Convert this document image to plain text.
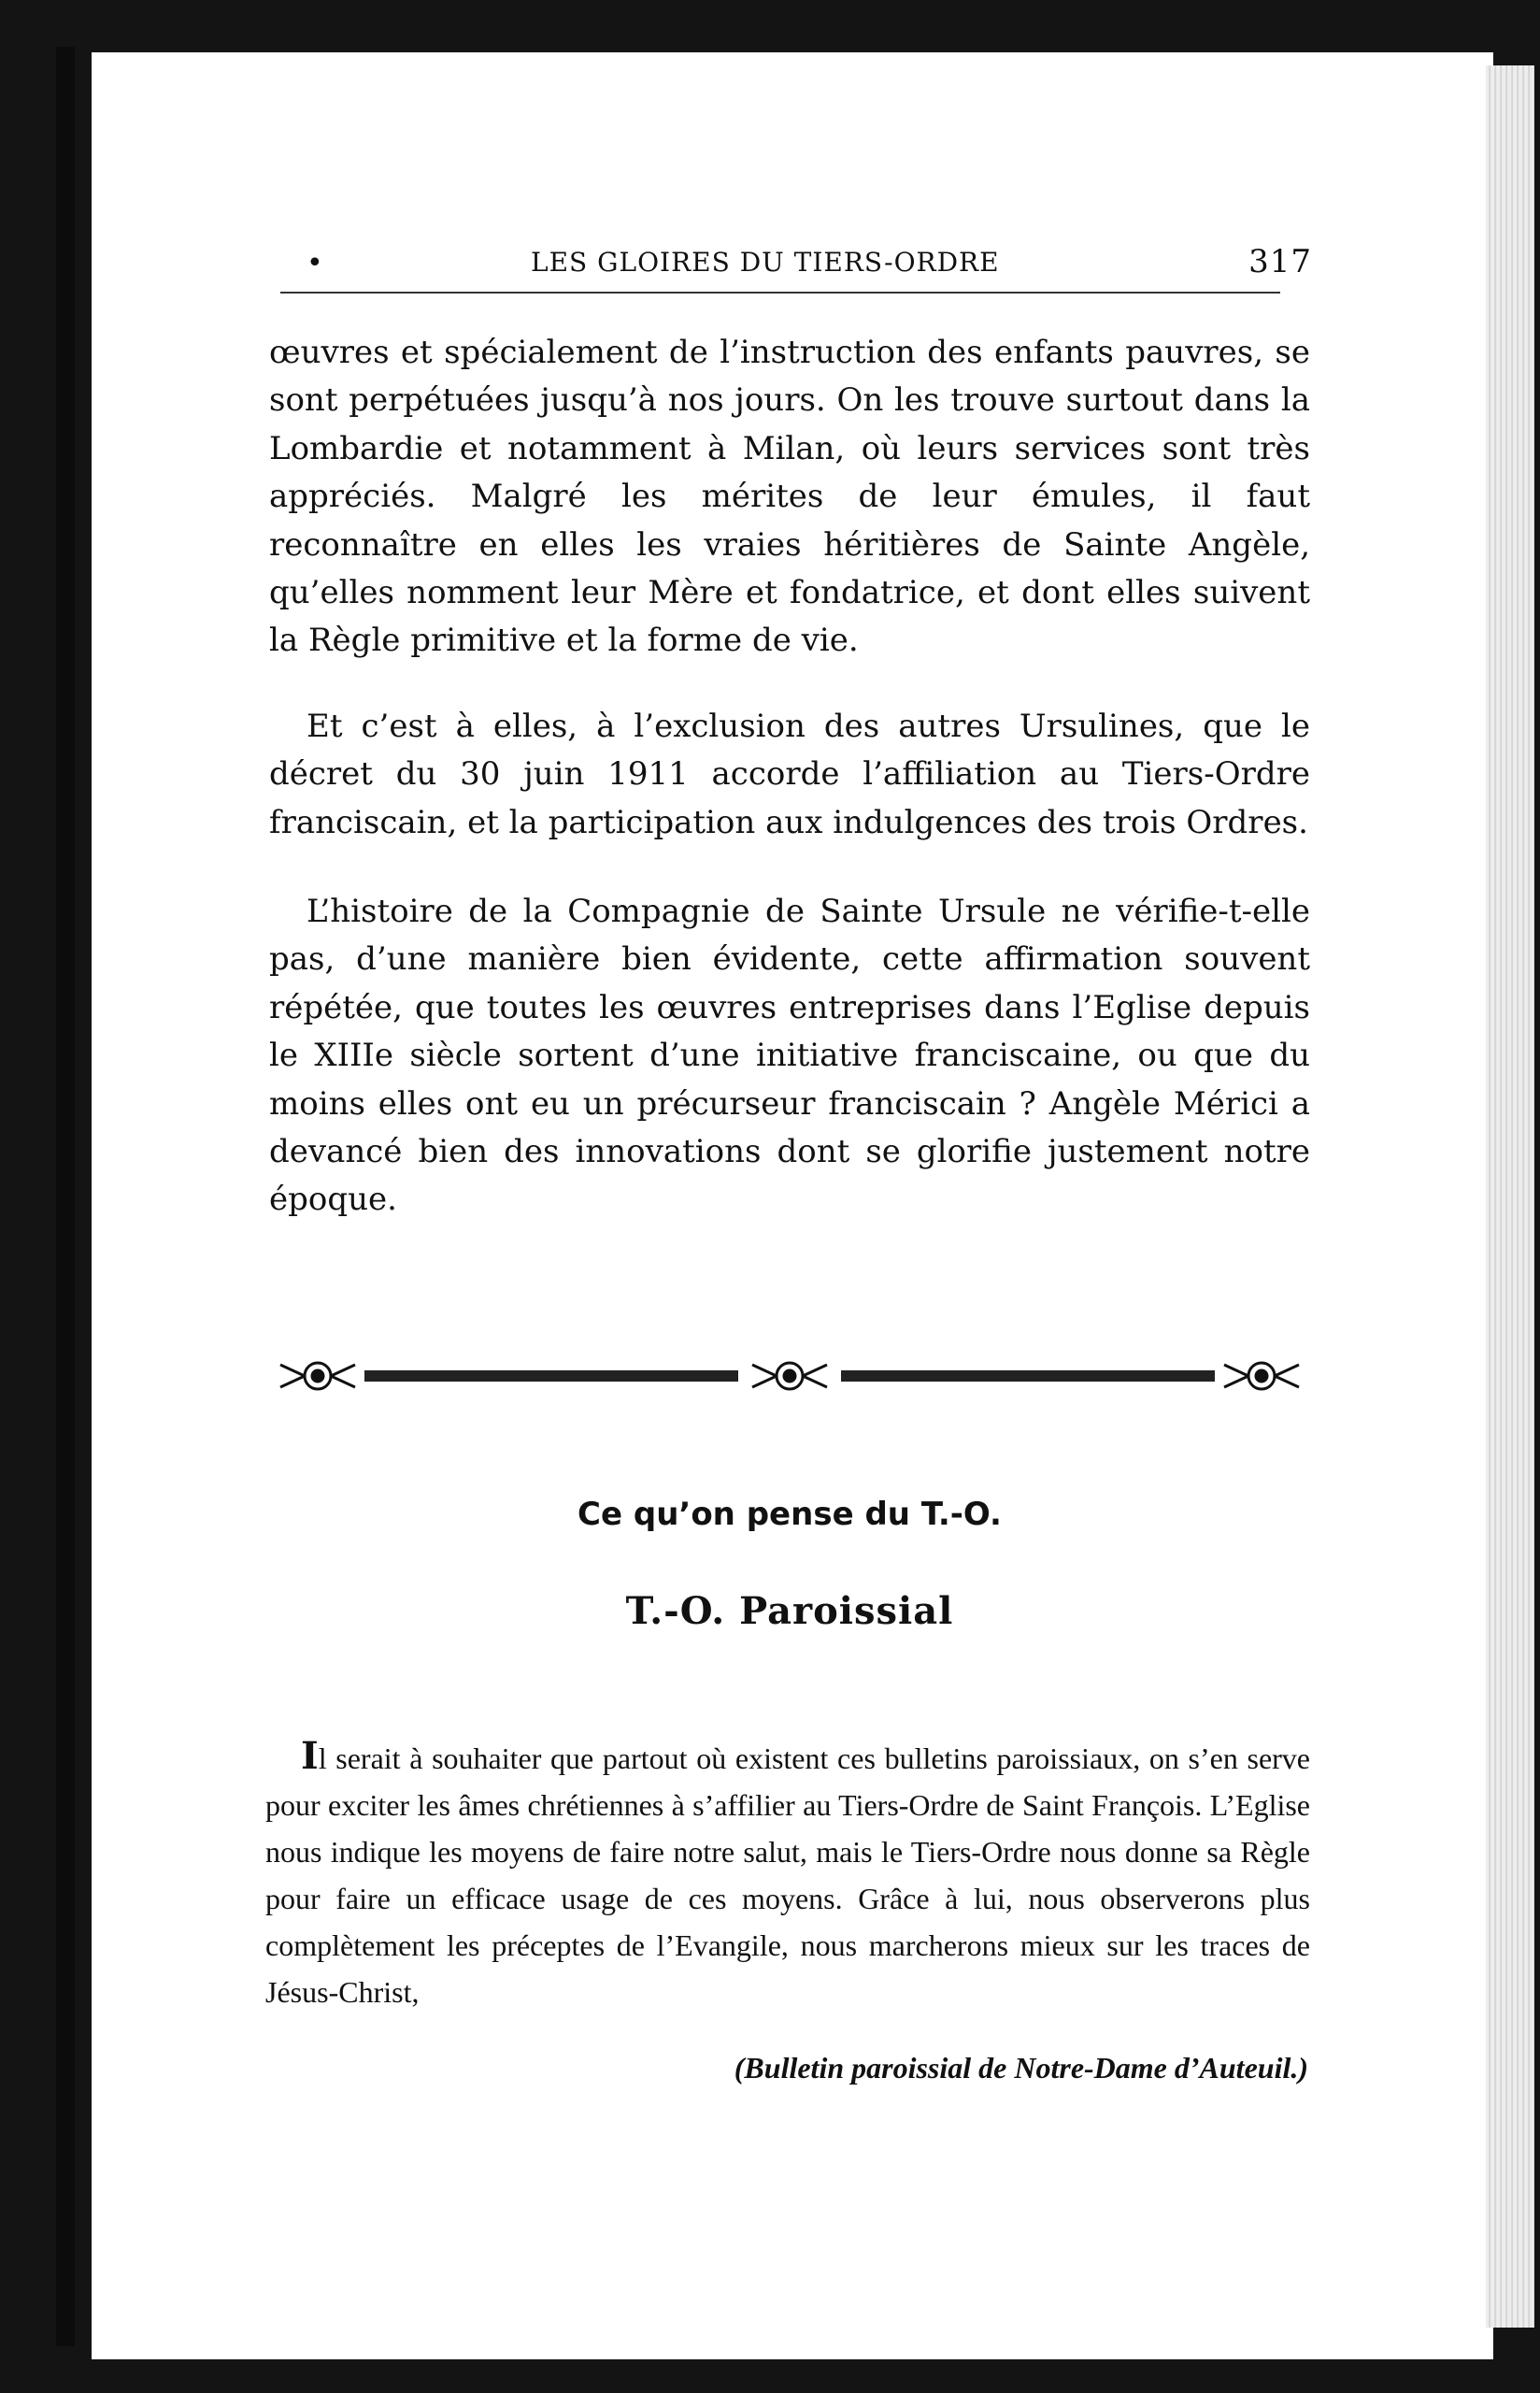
•	LES GLOIRES DU TIERS-ORDRE	317

œuvres et spécialement de l’instruction des enfants pauvres, se sont perpétuées jusqu’à nos jours. On les trouve surtout dans la Lombardie et notamment à Milan, où leurs services sont très appréciés. Malgré les mérites de leur émules, il faut reconnaître en elles les vraies héritières de Sainte Angèle, qu’elles nomment leur Mère et fondatrice, et dont elles suivent la Règle primitive et la forme de vie.

Et c’est à elles, à l’exclusion des autres Ursulines, que le décret du 30 juin 1911 accorde l’affiliation au Tiers-Ordre franciscain, et la participation aux indulgences des trois Ordres.

L’histoire de la Compagnie de Sainte Ursule ne vérifie-t-elle pas, d’une manière bien évidente, cette affirmation souvent répétée, que toutes les œuvres entreprises dans l’Eglise depuis le XIIIe siècle sortent d’une initiative franciscaine, ou que du moins elles ont eu un précurseur franciscain ? Angèle Mérici a devancé bien des innovations dont se glorifie justement notre époque.

Ce qu’on pense du T.-O.
T.-O. Paroissial

Il serait à souhaiter que partout où existent ces bulletins paroissiaux, on s’en serve pour exciter les âmes chrétiennes à s’affilier au Tiers-Ordre de Saint François. L’Eglise nous indique les moyens de faire notre salut, mais le Tiers-Ordre nous donne sa Règle pour faire un efficace usage de ces moyens. Grâce à lui, nous observerons plus complètement les préceptes de l’Evangile, nous marcherons mieux sur les traces de Jésus-Christ,

(Bulletin paroissial de Notre-Dame d’Auteuil.)
